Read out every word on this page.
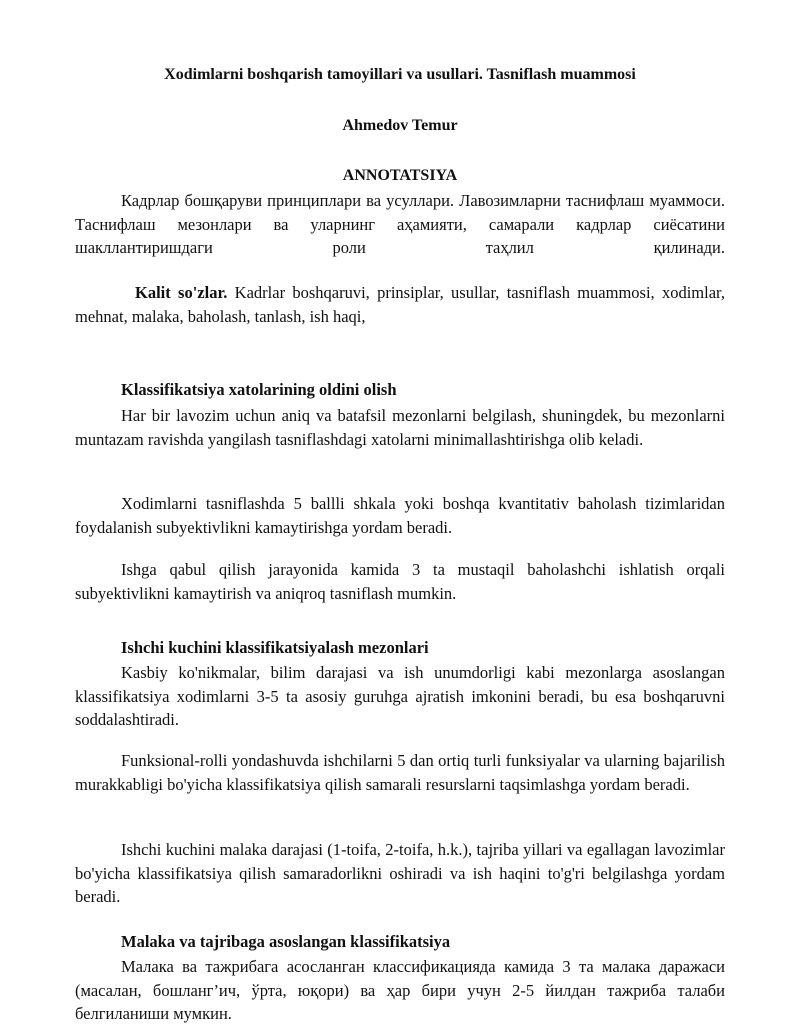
Xodimlarni boshqarish tamoyillari va usullari. Tasniflash muammosi
Ahmedov Temur
ANNOTATSIYA

Кадрлар бошқаруви принциплари ва усуллари. Лавозимларни таснифлаш муаммоси. Таснифлаш мезонлари ва уларнинг аҳамияти, самарали кадрлар сиёсатини шакллантиришдаги роли таҳлил қилинади.

Kalit so'zlar. Kadrlar boshqaruvi, prinsiplar, usullar, tasniflash muammosi, xodimlar, mehnat, malaka, baholash, tanlash, ish haqi,

Klassifikatsiya xatolarining oldini olish

Har bir lavozim uchun aniq va batafsil mezonlarni belgilash, shuningdek, bu mezonlarni muntazam ravishda yangilash tasniflashdagi xatolarni minimallashtirishga olib keladi.

Xodimlarni tasniflashda 5 ballli shkala yoki boshqa kvantitativ baholash tizimlaridan foydalanish subyektivlikni kamaytirishga yordam beradi.

Ishga qabul qilish jarayonida kamida 3 ta mustaqil baholashchi ishlatish orqali subyektivlikni kamaytirish va aniqroq tasniflash mumkin.

Ishchi kuchini klassifikatsiyalash mezonlari

Kasbiy ko'nikmalar, bilim darajasi va ish unumdorligi kabi mezonlarga asoslangan klassifikatsiya xodimlarni 3-5 ta asosiy guruhga ajratish imkonini beradi, bu esa boshqaruvni soddalashtiradi.

Funksional-rolli yondashuvda ishchilarni 5 dan ortiq turli funksiyalar va ularning bajarilish murakkabligi bo'yicha klassifikatsiya qilish samarali resurslarni taqsimlashga yordam beradi.

Ishchi kuchini malaka darajasi (1-toifa, 2-toifa, h.k.), tajriba yillari va egallagan lavozimlar bo'yicha klassifikatsiya qilish samaradorlikni oshiradi va ish haqini to'g'ri belgilashga yordam beradi.

Malaka va tajribaga asoslangan klassifikatsiya

Малака ва тажрибага асосланган классификацияда камида 3 та малака даражаси (масалан, бошланг’ич, ўрта, юқори) ва ҳар бири учун 2-5 йилдан тажриба талаби белгиланиши мумкин.
